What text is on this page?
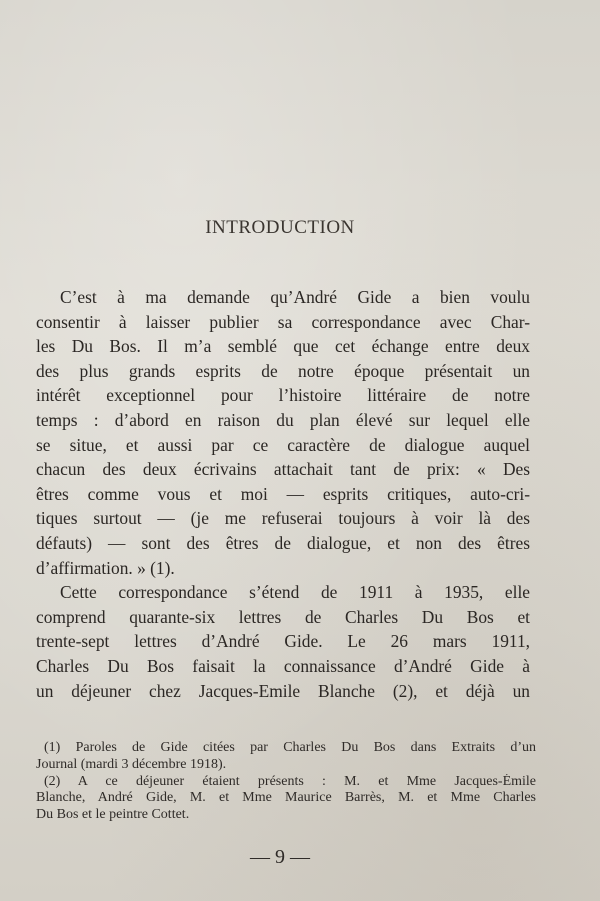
INTRODUCTION
C’est à ma demande qu’André Gide a bien voulu
consentir à laisser publier sa correspondance avec Char-
les Du Bos. Il m’a semblé que cet échange entre deux
des plus grands esprits de notre époque présentait un
intérêt exceptionnel pour l’histoire littéraire de notre
temps : d’abord en raison du plan élevé sur lequel elle
se situe, et aussi par ce caractère de dialogue auquel
chacun des deux écrivains attachait tant de prix: « Des
êtres comme vous et moi — esprits critiques, auto-cri-
tiques surtout — (je me refuserai toujours à voir là des
défauts) — sont des êtres de dialogue, et non des êtres
d’affirmation. » (1).
Cette correspondance s’étend de 1911 à 1935, elle
comprend quarante-six lettres de Charles Du Bos et
trente-sept lettres d’André Gide. Le 26 mars 1911,
Charles Du Bos faisait la connaissance d’André Gide à
un déjeuner chez Jacques-Emile Blanche (2), et déjà un
(1) Paroles de Gide citées par Charles Du Bos dans Extraits d’un
Journal (mardi 3 décembre 1918).
(2) A ce déjeuner étaient présents : M. et Mme Jacques-Émile
Blanche, André Gide, M. et Mme Maurice Barrès, M. et Mme Charles
Du Bos et le peintre Cottet.
— 9 —
